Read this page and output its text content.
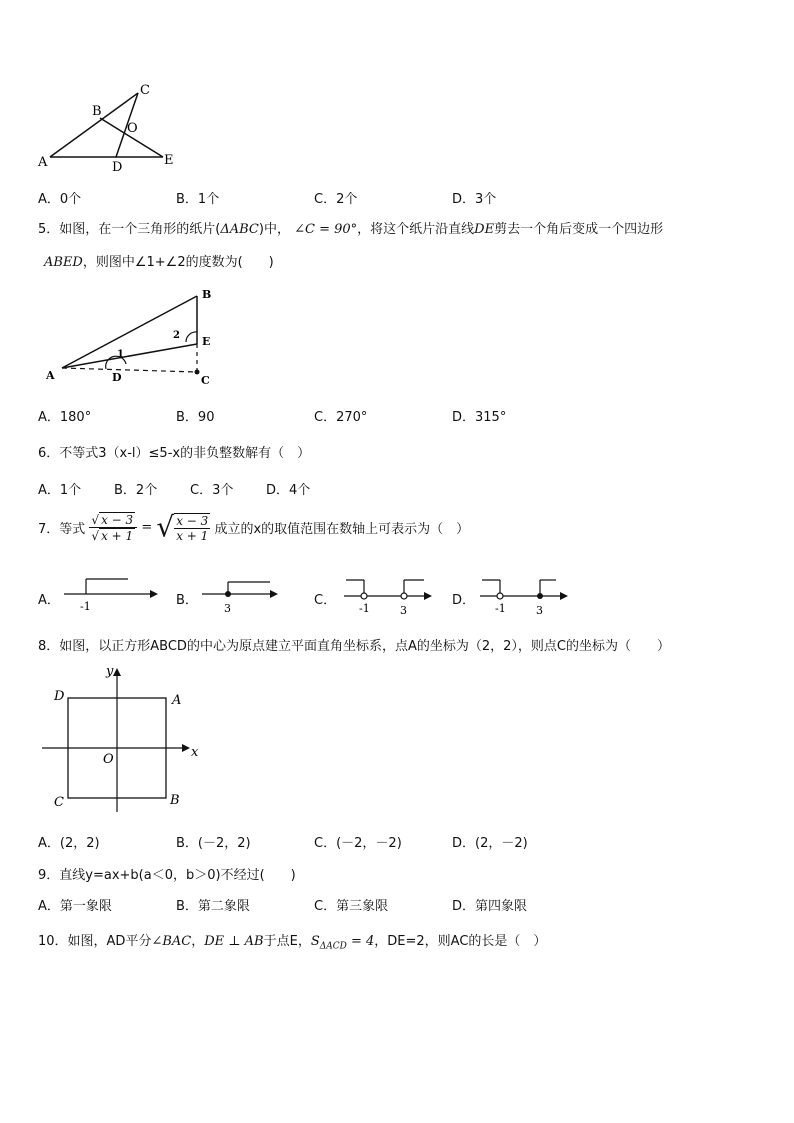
A
B
C
O
D	E
A．0个	B．1个	C．2个	D．3个
5．如图，在一个三角形的纸片(ΔABC)中， ∠C = 90°，将这个纸片沿直线DE剪去一个角后变成一个四边形
ABED，则图中∠1+∠2的度数为(　　)
A	D	C
E
B
1
2
A．180°	B．90	C．270°	D．315°
6．不等式3（x-l）≤5-x的非负整数解有（　）
A．1个	B．2个	C．3个	D．4个
7．等式 $\frac{√ x - 3}{√ x + 1}$ = √ $\frac{x - 3}{x + 1}$ 成立的x的取值范围在数轴上可表示为（　）
A． -1	B．
3
C．
-1	3
D．
-1	3
8．如图，以正方形ABCD的中心为原点建立平面直角坐标系，点A的坐标为（2，2），则点C的坐标为（　　）
D	A
C	B
O	x
y
A．(2，2)	B．(－2，2)	C．(－2，－2)	D．(2，－2)
9．直线y=ax+b(a＜0，b＞0)不经过(　　)
A．第一象限	B．第二象限	C．第三象限	D．第四象限
10．如图，AD平分∠BAC，DE ⊥ AB于点E，$S_{\Delta ACD} = 4$，DE=2，则AC的长是（　）
